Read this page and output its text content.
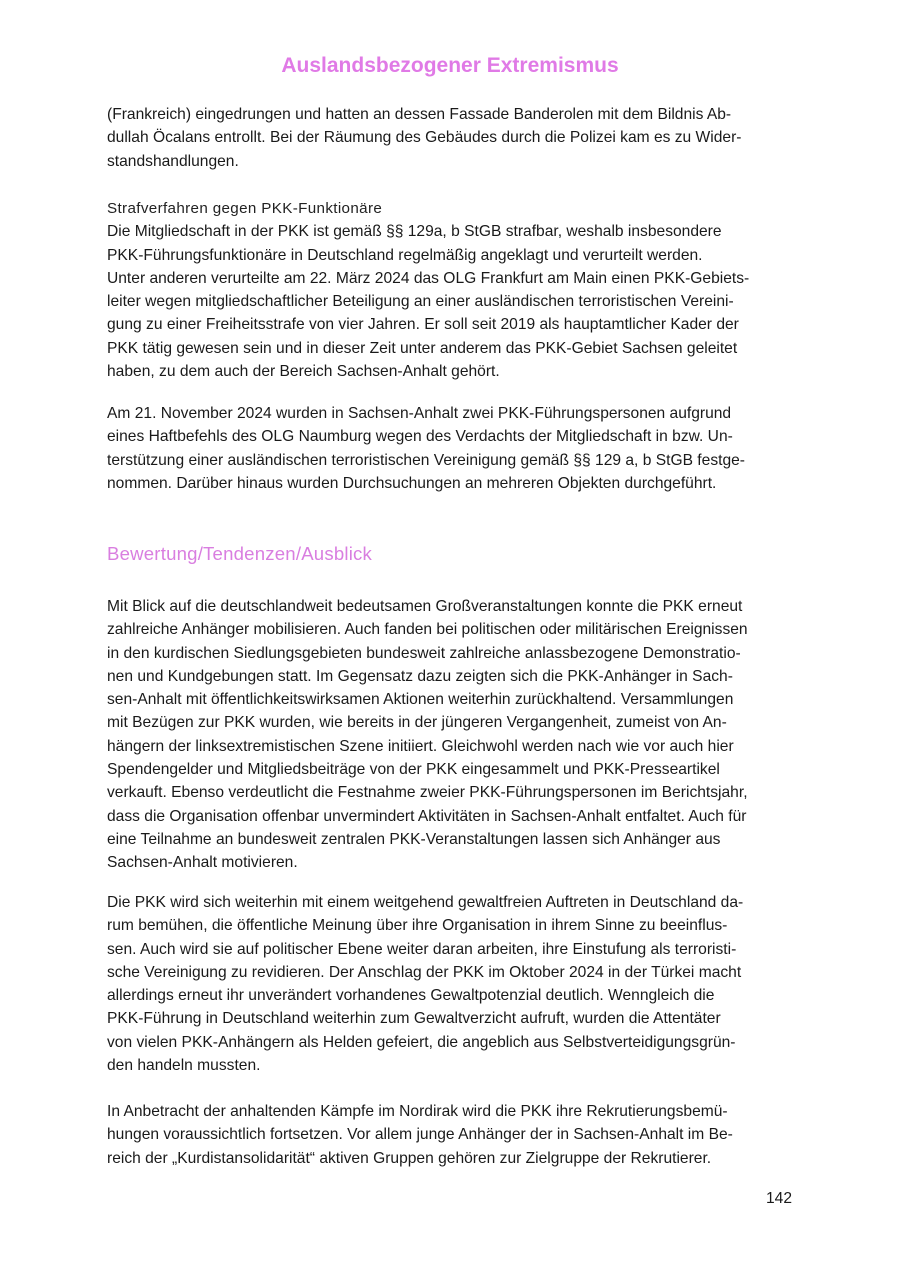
Auslandsbezogener Extremismus
(Frankreich) eingedrungen und hatten an dessen Fassade Banderolen mit dem Bildnis Ab-
dullah Öcalans entrollt. Bei der Räumung des Gebäudes durch die Polizei kam es zu Wider-
standshandlungen.
Strafverfahren gegen PKK-Funktionäre
Die Mitgliedschaft in der PKK ist gemäß §§ 129a, b StGB strafbar, weshalb insbesondere
PKK-Führungsfunktionäre in Deutschland regelmäßig angeklagt und verurteilt werden.
Unter anderen verurteilte am 22. März 2024 das OLG Frankfurt am Main einen PKK-Gebiets-
leiter wegen mitgliedschaftlicher Beteiligung an einer ausländischen terroristischen Vereini-
gung zu einer Freiheitsstrafe von vier Jahren. Er soll seit 2019 als hauptamtlicher Kader der
PKK tätig gewesen sein und in dieser Zeit unter anderem das PKK-Gebiet Sachsen geleitet
haben, zu dem auch der Bereich Sachsen-Anhalt gehört.
Am 21. November 2024 wurden in Sachsen-Anhalt zwei PKK-Führungspersonen aufgrund
eines Haftbefehls des OLG Naumburg wegen des Verdachts der Mitgliedschaft in bzw. Un-
terstützung einer ausländischen terroristischen Vereinigung gemäß §§ 129 a, b StGB festge-
nommen. Darüber hinaus wurden Durchsuchungen an mehreren Objekten durchgeführt.
Bewertung/Tendenzen/Ausblick
Mit Blick auf die deutschlandweit bedeutsamen Großveranstaltungen konnte die PKK erneut
zahlreiche Anhänger mobilisieren. Auch fanden bei politischen oder militärischen Ereignissen
in den kurdischen Siedlungsgebieten bundesweit zahlreiche anlassbezogene Demonstratio-
nen und Kundgebungen statt. Im Gegensatz dazu zeigten sich die PKK-Anhänger in Sach-
sen-Anhalt mit öffentlichkeitswirksamen Aktionen weiterhin zurückhaltend. Versammlungen
mit Bezügen zur PKK wurden, wie bereits in der jüngeren Vergangenheit, zumeist von An-
hängern der linksextremistischen Szene initiiert. Gleichwohl werden nach wie vor auch hier
Spendengelder und Mitgliedsbeiträge von der PKK eingesammelt und PKK-Presseartikel
verkauft. Ebenso verdeutlicht die Festnahme zweier PKK-Führungspersonen im Berichtsjahr,
dass die Organisation offenbar unvermindert Aktivitäten in Sachsen-Anhalt entfaltet. Auch für
eine Teilnahme an bundesweit zentralen PKK-Veranstaltungen lassen sich Anhänger aus
Sachsen-Anhalt motivieren.
Die PKK wird sich weiterhin mit einem weitgehend gewaltfreien Auftreten in Deutschland da-
rum bemühen, die öffentliche Meinung über ihre Organisation in ihrem Sinne zu beeinflus-
sen. Auch wird sie auf politischer Ebene weiter daran arbeiten, ihre Einstufung als terroristi-
sche Vereinigung zu revidieren. Der Anschlag der PKK im Oktober 2024 in der Türkei macht
allerdings erneut ihr unverändert vorhandenes Gewaltpotenzial deutlich. Wenngleich die
PKK-Führung in Deutschland weiterhin zum Gewaltverzicht aufruft, wurden die Attentäter
von vielen PKK-Anhängern als Helden gefeiert, die angeblich aus Selbstverteidigungsgrün-
den handeln mussten.
In Anbetracht der anhaltenden Kämpfe im Nordirak wird die PKK ihre Rekrutierungsbemü-
hungen voraussichtlich fortsetzen. Vor allem junge Anhänger der in Sachsen-Anhalt im Be-
reich der „Kurdistansolidarität“ aktiven Gruppen gehören zur Zielgruppe der Rekrutierer.
142
